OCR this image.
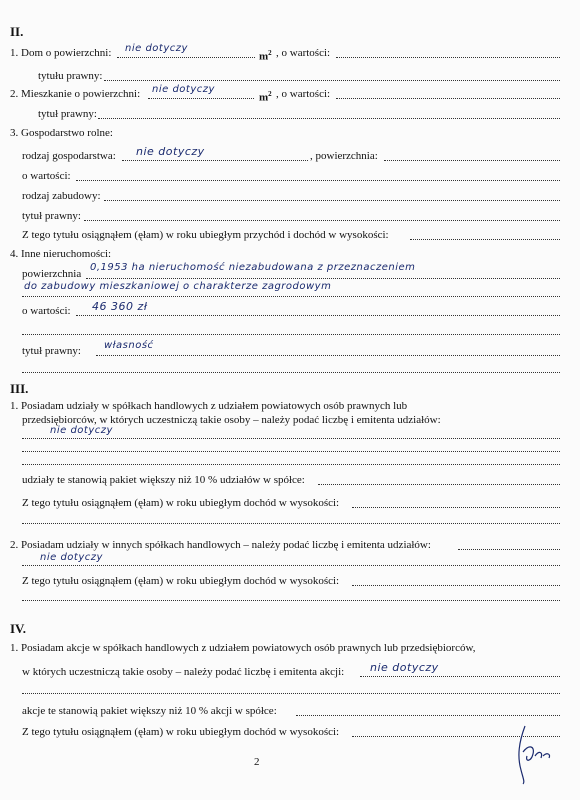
II.
1. Dom o powierzchni: nie dotyczy
$m^2$ , o wartości:
tytułu prawny:
2. Mieszkanie o powierzchni: nie dotyczy
$m^2$ , o wartości:
tytuł prawny:
3. Gospodarstwo rolne:
rodzaj gospodarstwa: nie dotyczy	, powierzchnia:
o wartości:
rodzaj zabudowy:
tytuł prawny:
Z tego tytułu osiągnąłem (ęłam) w roku ubiegłym przychód i dochód w wysokości:
4. Inne nieruchomości:
powierzchnia
0,1953 ha nieruchomość niezabudowana z przeznaczeniem
do zabudowy mieszkaniowej o charakterze zagrodowym
o wartości: 46 360 zł
tytuł prawny: własność
III.
1. Posiadam udziały w spółkach handlowych z udziałem powiatowych osób prawnych lub
przedsiębiorców, w których uczestniczą takie osoby – należy podać liczbę i emitenta udziałów:
nie dotyczy
udziały te stanowią pakiet większy niż 10 % udziałów w spółce:
Z tego tytułu osiągnąłem (ęłam) w roku ubiegłym dochód w wysokości:
2. Posiadam udziały w innych spółkach handlowych – należy podać liczbę i emitenta udziałów:
nie dotyczy
Z tego tytułu osiągnąłem (ęłam) w roku ubiegłym dochód w wysokości:
IV.
1. Posiadam akcje w spółkach handlowych z udziałem powiatowych osób prawnych lub przedsiębiorców,
w których uczestniczą takie osoby – należy podać liczbę i emitenta akcji: nie dotyczy
akcje te stanowią pakiet większy niż 10 % akcji w spółce:
Z tego tytułu osiągnąłem (ęłam) w roku ubiegłym dochód w wysokości:
2
